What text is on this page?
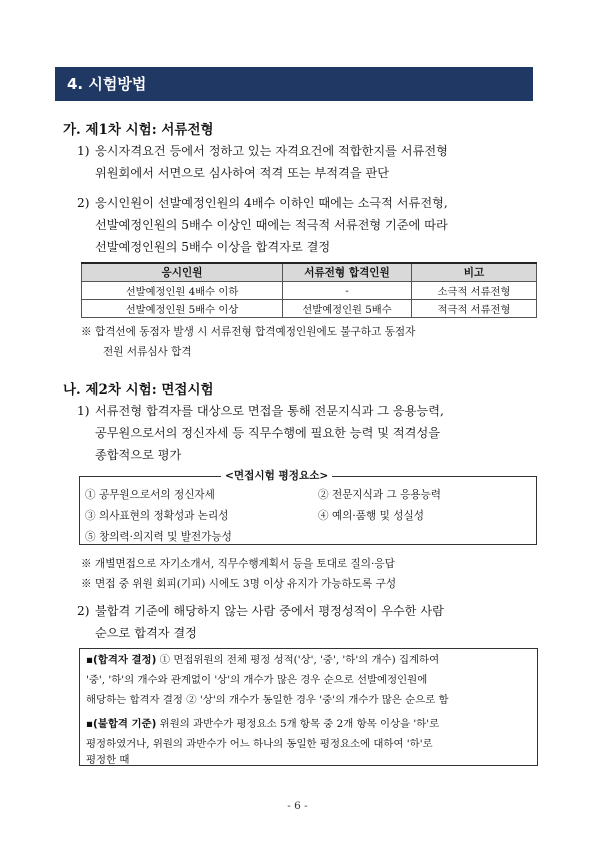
4. 시험방법
가. 제1차 시험: 서류전형
1) 응시자격요건 등에서 정하고 있는 자격요건에 적합한지를 서류전형
위원회에서 서면으로 심사하여 적격 또는 부적격을 판단
2) 응시인원이 선발예정인원의 4배수 이하인 때에는 소극적 서류전형,
선발예정인원의 5배수 이상인 때에는 적극적 서류전형 기준에 따라
선발예정인원의 5배수 이상을 합격자로 결정
응시인원	서류전형 합격인원	비고
선발예정인원 4배수 이하	-	소극적 서류전형
선발예정인원 5배수 이상	선발예정인원 5배수	적극적 서류전형
※ 합격선에 동점자 발생 시 서류전형 합격예정인원에도 불구하고 동점자
전원 서류심사 합격
나. 제2차 시험: 면접시험
1) 서류전형 합격자를 대상으로 면접을 통해 전문지식과 그 응용능력,
공무원으로서의 정신자세 등 직무수행에 필요한 능력 및 적격성을
종합적으로 평가
<면접시험 평정요소>
① 공무원으로서의 정신자세	② 전문지식과 그 응용능력
③ 의사표현의 정확성과 논리성	④ 예의·품행 및 성실성
⑤ 창의력·의지력 및 발전가능성
※ 개별면접으로 자기소개서, 직무수행계획서 등을 토대로 질의·응답
※ 면접 중 위원 회피(기피) 시에도 3명 이상 유지가 가능하도록 구성
2) 불합격 기준에 해당하지 않는 사람 중에서 평정성적이 우수한 사람
순으로 합격자 결정
▪(합격자 결정) ① 면접위원의 전체 평정 성적('상', '중', '하'의 개수) 집계하여
'중', '하'의 개수와 관계없이 '상'의 개수가 많은 경우 순으로 선발예정인원에
해당하는 합격자 결정 ② '상'의 개수가 동일한 경우 '중'의 개수가 많은 순으로 함
▪(불합격 기준) 위원의 과반수가 평정요소 5개 항목 중 2개 항목 이상을 '하'로
평정하였거나, 위원의 과반수가 어느 하나의 동일한 평정요소에 대하여 '하'로
평정한 때
- 6 -
